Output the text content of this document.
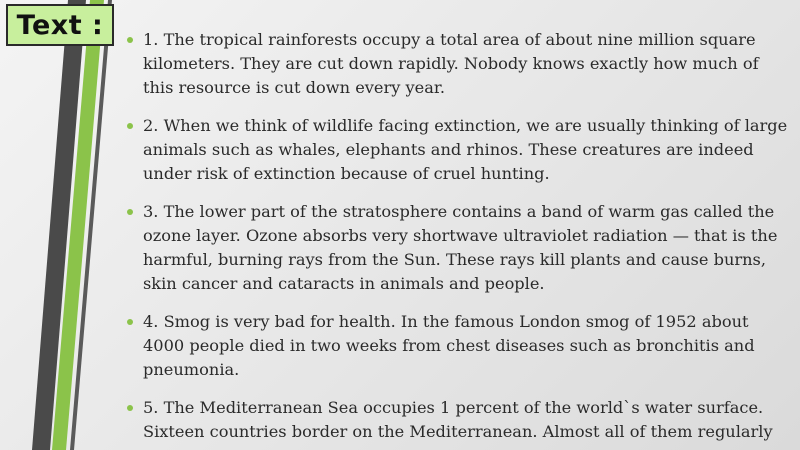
Text :	1. The tropical rainforests occupy a total area of about nine million square kilometers. They are cut down rapidly. Nobody knows exactly how much of this resource is cut down every year.
2. When we think of wildlife facing extinction, we are usually thinking of large animals such as whales, elephants and rhinos. These creatures are indeed under risk of extinction because of cruel hunting.
3. The lower part of the stratosphere contains a band of warm gas called the ozone layer. Ozone absorbs very shortwave ultraviolet radiation — that is the harmful, burning rays from the Sun. These rays kill plants and cause burns, skin cancer and cataracts in animals and people.
4. Smog is very bad for health. In the famous London smog of 1952 about 4000 people died in two weeks from chest diseases such as bronchitis and pneumonia.
5. The Mediterranean Sea occupies 1 percent of the world`s water surface. Sixteen countries border on the Mediterranean. Almost all of them regularly
